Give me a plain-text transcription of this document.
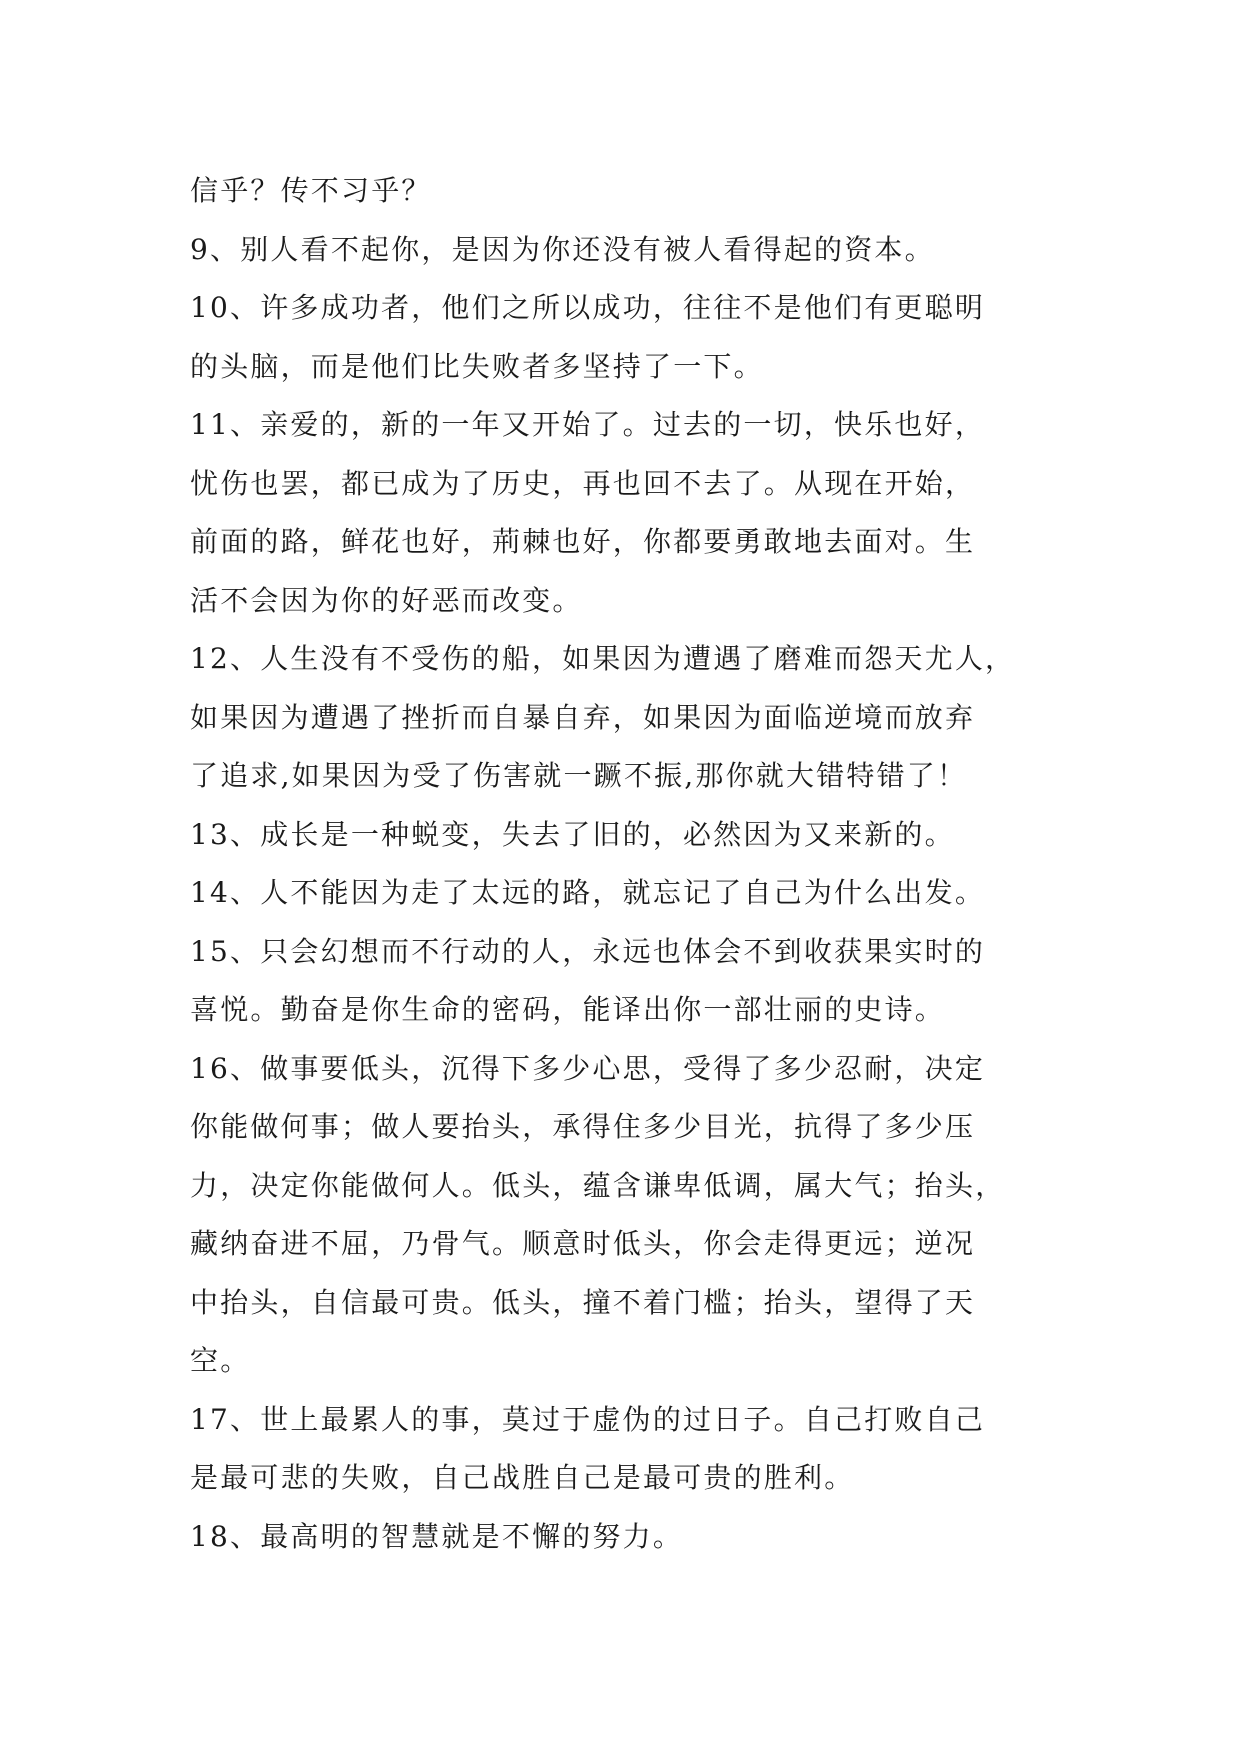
信乎？传不习乎？
9、别人看不起你，是因为你还没有被人看得起的资本。
10、许多成功者，他们之所以成功，往往不是他们有更聪明
的头脑，而是他们比失败者多坚持了一下。
11、亲爱的，新的一年又开始了。过去的一切，快乐也好，
忧伤也罢，都已成为了历史，再也回不去了。从现在开始，
前面的路，鲜花也好，荊棘也好，你都要勇敢地去面对。生
活不会因为你的好恶而改变。
12、人生没有不受伤的船，如果因为遭遇了磨难而怨天尤人，
如果因为遭遇了挫折而自暴自弃，如果因为面临逆境而放弃
了追求,如果因为受了伤害就一蹶不振,那你就大错特错了！
13、成长是一种蜕变，失去了旧的，必然因为又来新的。
14、人不能因为走了太远的路，就忘记了自己为什么出发。
15、只会幻想而不行动的人，永远也体会不到收获果实时的
喜悦。勤奋是你生命的密码，能译出你一部壮丽的史诗。
16、做事要低头，沉得下多少心思，受得了多少忍耐，决定
你能做何事；做人要抬头，承得住多少目光，抗得了多少压
力，决定你能做何人。低头，蕴含谦卑低调，属大气；抬头，
藏纳奋进不屈，乃骨气。顺意时低头，你会走得更远；逆况
中抬头，自信最可贵。低头，撞不着门槛；抬头，望得了天
空。
17、世上最累人的事，莫过于虚伪的过日子。自己打败自己
是最可悲的失败，自己战胜自己是最可贵的胜利。
18、最高明的智慧就是不懈的努力。
